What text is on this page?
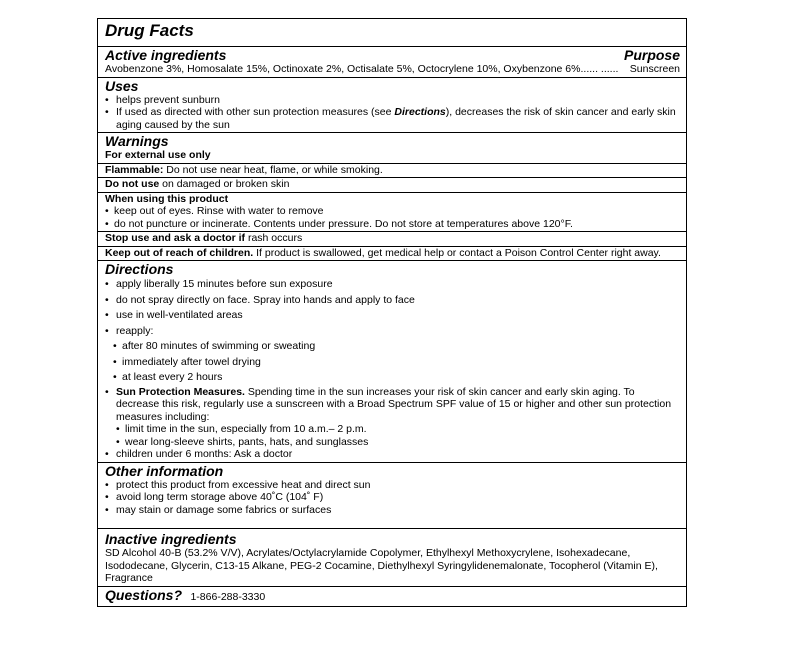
Drug Facts
Active ingredients	Purpose
Avobenzone 3%, Homosalate 15%, Octinoxate 2%, Octisalate 5%, Octocrylene 10%, Oxybenzone 6%...... ...... Sunscreen
Uses
• helps prevent sunburn
• If used as directed with other sun protection measures (see Directions), decreases the risk of skin cancer and early skin aging caused by the sun
Warnings
For external use only
Flammable: Do not use near heat, flame, or while smoking.
Do not use on damaged or broken skin
When using this product
• keep out of eyes. Rinse with water to remove
• do not puncture or incinerate. Contents under pressure. Do not store at temperatures above 120°F.
Stop use and ask a doctor if rash occurs
Keep out of reach of children. If product is swallowed, get medical help or contact a Poison Control Center right away.
Directions
• apply liberally 15 minutes before sun exposure
• do not spray directly on face. Spray into hands and apply to face
• use in well-ventilated areas
• reapply:
• after 80 minutes of swimming or sweating
• immediately after towel drying
• at least every 2 hours
• Sun Protection Measures. Spending time in the sun increases your risk of skin cancer and early skin aging. To decrease this risk, regularly use a sunscreen with a Broad Spectrum SPF value of 15 or higher and other sun protection measures including:
• limit time in the sun, especially from 10 a.m.– 2 p.m.
• wear long-sleeve shirts, pants, hats, and sunglasses
• children under 6 months: Ask a doctor
Other information
• protect this product from excessive heat and direct sun
• avoid long term storage above 40˚C (104˚ F)
• may stain or damage some fabrics or surfaces
Inactive ingredients
SD Alcohol 40-B (53.2% V/V), Acrylates/Octylacrylamide Copolymer, Ethylhexyl Methoxycrylene, Isohexadecane, Isododecane, Glycerin, C13-15 Alkane, PEG-2 Cocamine, Diethylhexyl Syringylidenemalonate, Tocopherol (Vitamin E), Fragrance
Questions? 1-866-288-3330
